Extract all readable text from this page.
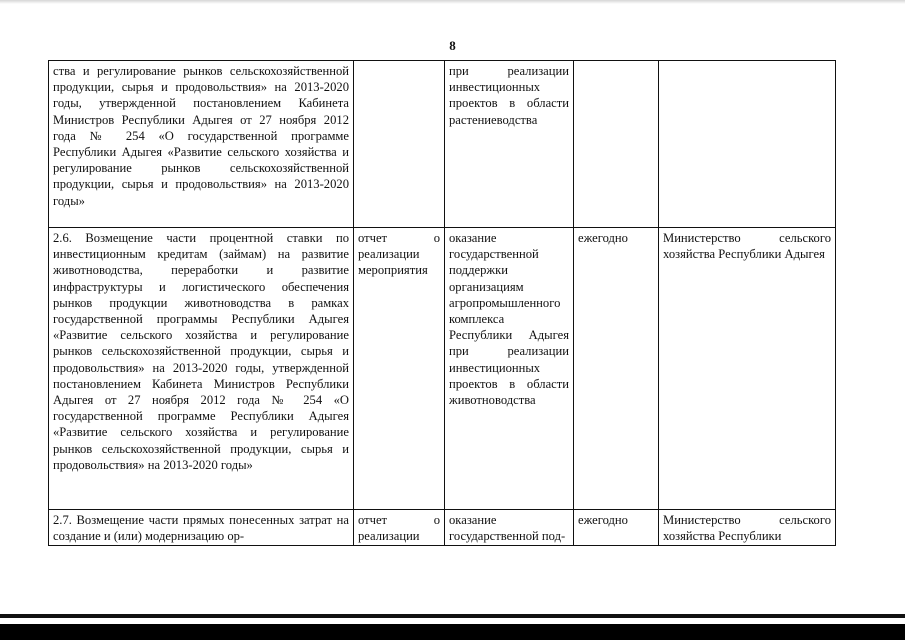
8
ства и регулирование рынков сельскохозяйственной продукции, сырья и продовольствия» на 2013-2020 годы, утвержденной постановлением Кабинета Министров Республики Адыгея от 27 ноября 2012 года № 254 «О государственной программе Республики Адыгея «Развитие сельского хозяйства и регулирование рынков сельскохозяйственной продукции, сырья и продовольствия» на 2013-2020 годы»		при реализации инвестиционных проектов в области растениеводства		

2.6. Возмещение части процентной ставки по инвестиционным кредитам (займам) на развитие животноводства, переработки и развитие инфраструктуры и логистического обеспечения рынков продукции животноводства в рамках государственной программы Республики Адыгея «Развитие сельского хозяйства и регулирование рынков сельскохозяйственной продукции, сырья и продовольствия» на 2013-2020 годы, утвержденной постановлением Кабинета Министров Республики Адыгея от 27 ноября 2012 года № 254 «О государственной программе Республики Адыгея «Развитие сельского хозяйства и регулирование рынков сельскохозяйственной продукции, сырья и продовольствия» на 2013-2020 годы»	отчет о реализации мероприятия	оказание государственной поддержки организациям агропромышленного комплекса Республики Адыгея при реализации инвестиционных проектов в области животноводства	ежегодно	Министерство сельского хозяйства Республики Адыгея

2.7. Возмещение части прямых понесенных затрат на создание и (или) модернизацию ор-	отчет о реализации	оказание государственной под-	ежегодно	Министерство сельского хозяйства Республики
